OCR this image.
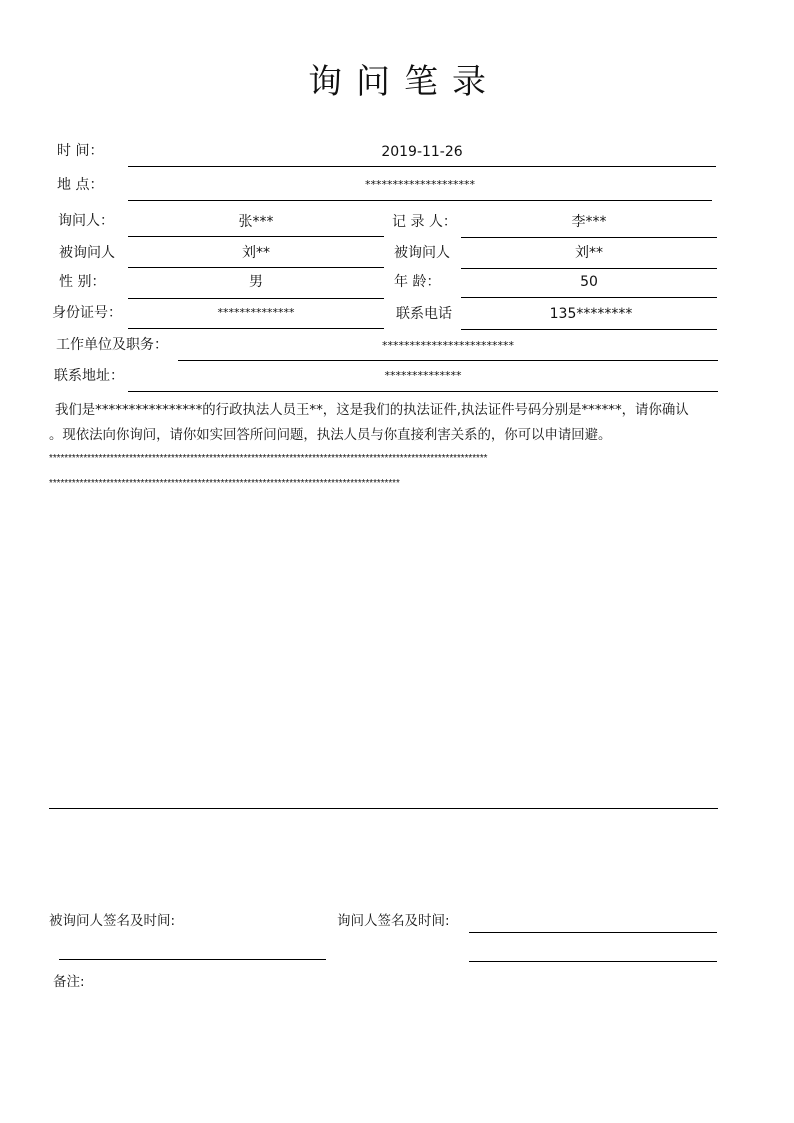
询问笔录
时 间：	2019-11-26
地 点：	********************
询问人：	张***	记 录 人：	李***
被询问人	刘**	被询问人	刘**
性 别：	男	年 龄：	50
身份证号：	**************	联系电话	135********
工作单位及职务：	************************
联系地址：	**************
我们是****************的行政执法人员王**，这是我们的执法证件,执法证件号码分别是******，请你确认
。现依法向你询问，请你如实回答所问问题，执法人员与你直接利害关系的，你可以申请回避。
*******************************************************************************************************************
********************************************************************************************
被询问人签名及时间:	询问人签名及时间:
备注:
